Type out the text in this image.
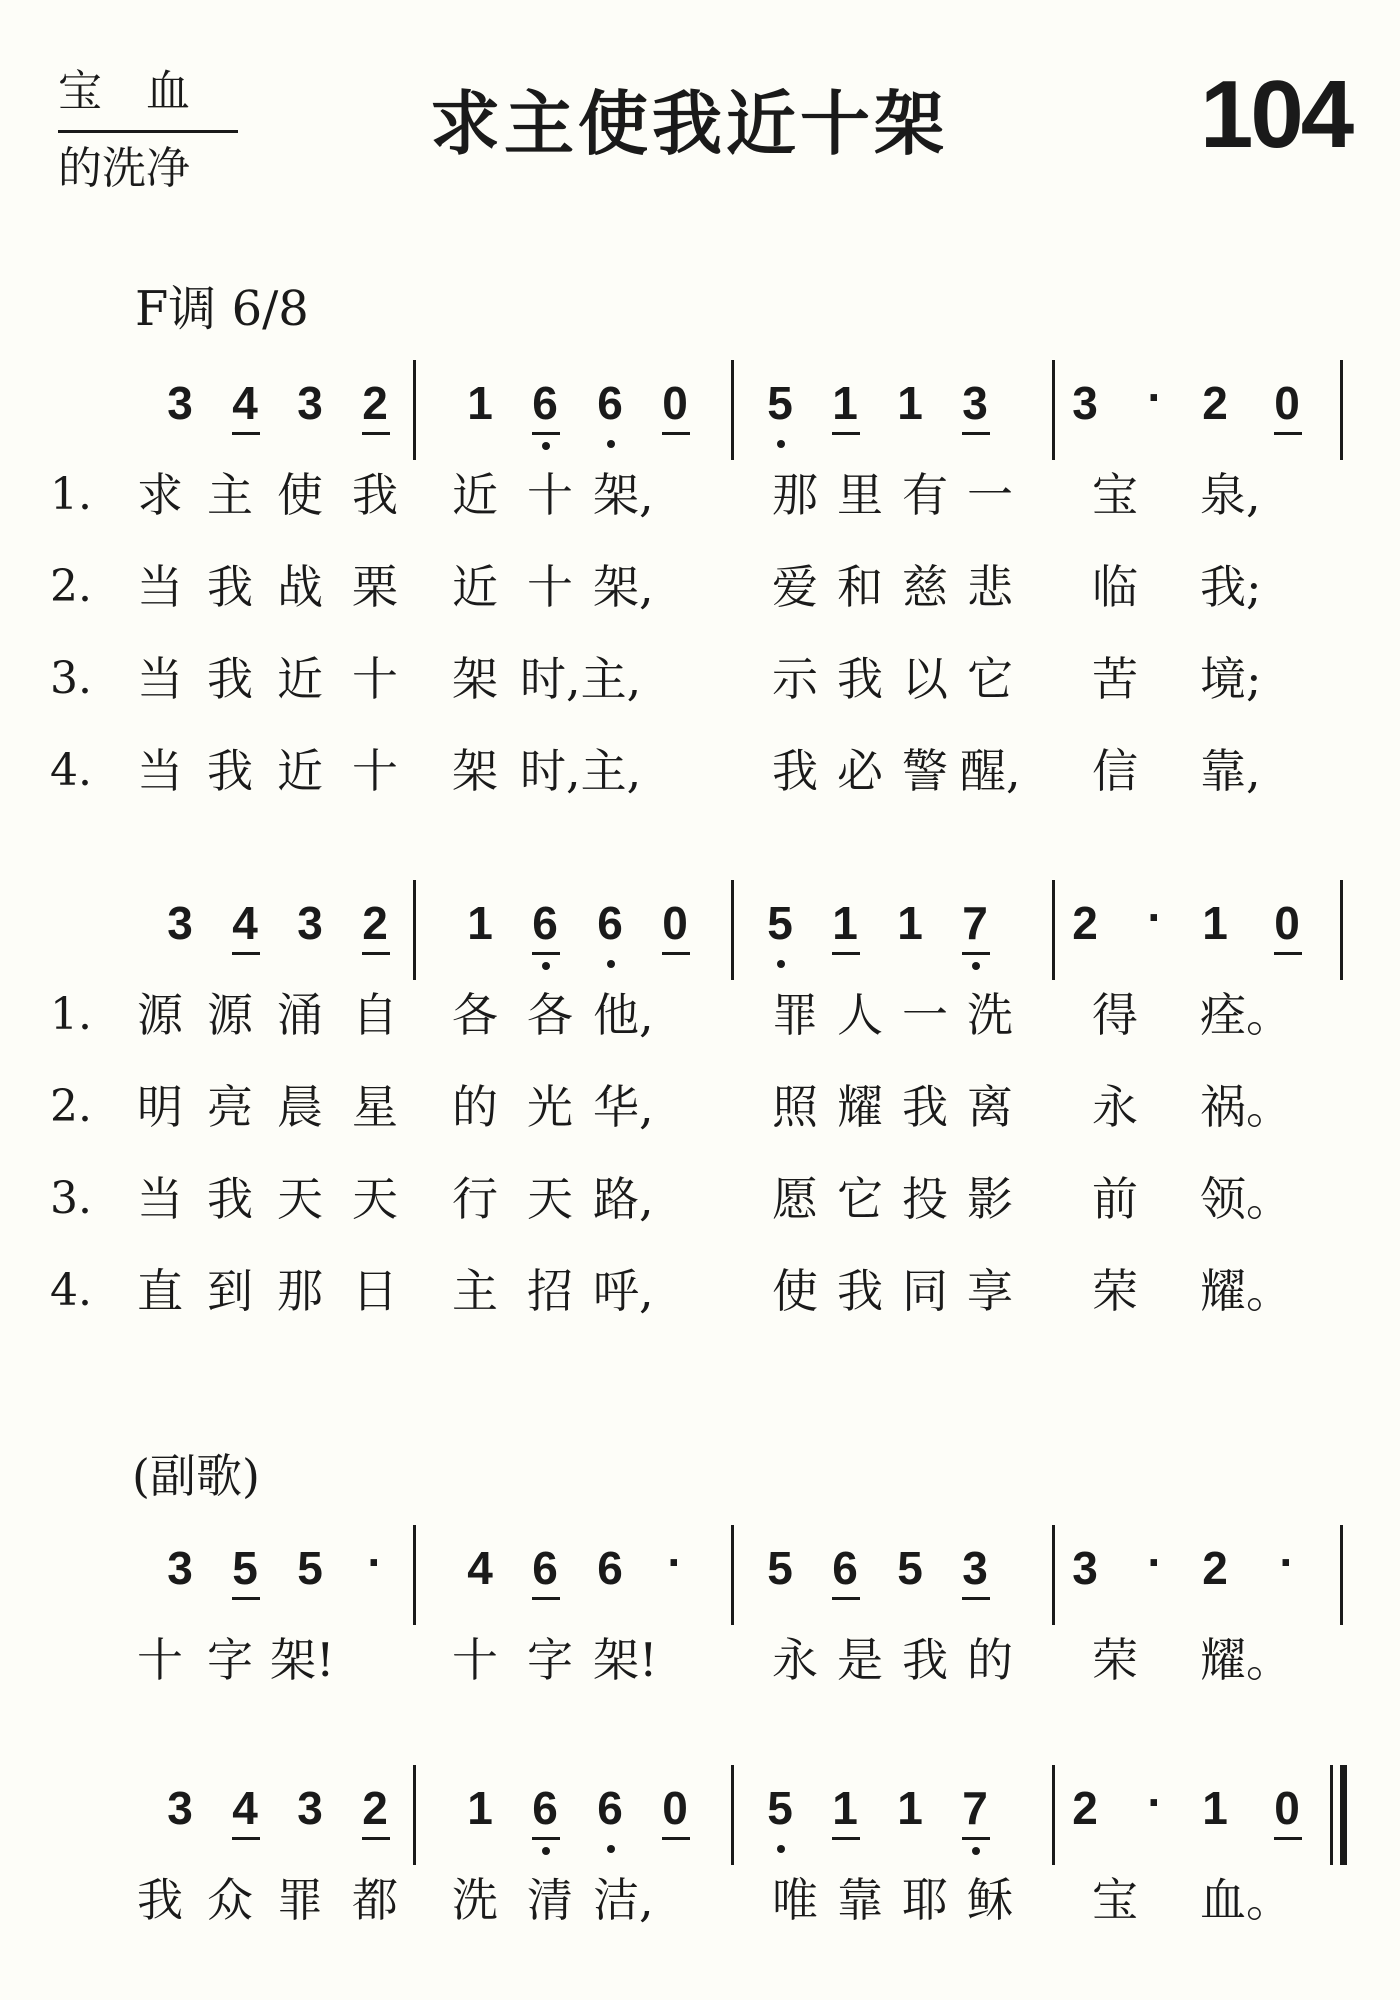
宝血
的洗净
求主使我近十架	104
F调 6/8
(副歌)
3 4 3 2 1 6 6 0 5 1 1 3 3	· 2 0
1. 求 主 使 我 近 十 架,	那 里 有 一 宝 泉,
2. 当 我 战 栗 近 十 架,	爱 和 慈 悲 临 我;
3. 当 我 近 十 架 时,主,	示 我 以 它 苦 境;
4. 当 我 近 十 架 时,主,	我 必 警 醒, 信 靠,
3 4 3 2 1 6 6 0 5 1 1 7 2	· 1 0
1. 源 源 涌 自 各 各 他,	罪 人 一 洗 得 痊。
2. 明 亮 晨 星 的 光 华,	照 耀 我 离 永 祸。
3. 当 我 天 天 行 天 路,	愿 它 投 影 前 领。
4. 直 到 那 日 主 招 呼,	使 我 同 享 荣 耀。
3 5 5 ·	4 6 6 ·	5 6 5 3 3	· 2	·
十 字 架!	十 字 架! 永 是 我 的 荣 耀。
3 4 3 2 1 6 6 0 5 1 1 7 2	· 1 0
我 众 罪 都 洗 清 洁,	唯 靠 耶 稣 宝 血。
